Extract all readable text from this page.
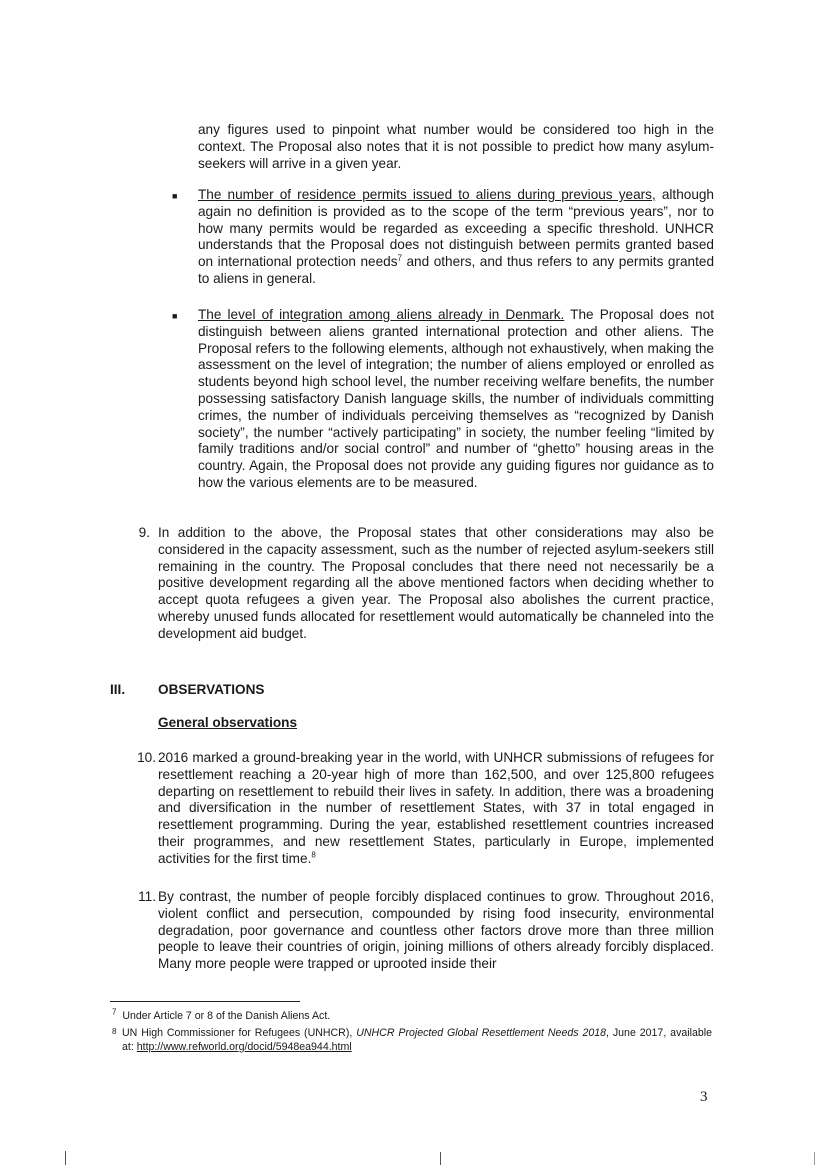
any figures used to pinpoint what number would be considered too high in the context. The Proposal also notes that it is not possible to predict how many asylum-seekers will arrive in a given year.

■ The number of residence permits issued to aliens during previous years, although again no definition is provided as to the scope of the term “previous years”, nor to how many permits would be regarded as exceeding a specific threshold. UNHCR understands that the Proposal does not distinguish between permits granted based on international protection needs$^7$ and others, and thus refers to any permits granted to aliens in general.

■ The level of integration among aliens already in Denmark. The Proposal does not distinguish between aliens granted international protection and other aliens. The Proposal refers to the following elements, although not exhaustively, when making the assessment on the level of integration; the number of aliens employed or enrolled as students beyond high school level, the number receiving welfare benefits, the number possessing satisfactory Danish language skills, the number of individuals committing crimes, the number of individuals perceiving themselves as “recognized by Danish society”, the number “actively participating” in society, the number feeling “limited by family traditions and/or social control” and number of “ghetto” housing areas in the country. Again, the Proposal does not provide any guiding figures nor guidance as to how the various elements are to be measured.

9. In addition to the above, the Proposal states that other considerations may also be considered in the capacity assessment, such as the number of rejected asylum-seekers still remaining in the country. The Proposal concludes that there need not necessarily be a positive development regarding all the above mentioned factors when deciding whether to accept quota refugees a given year. The Proposal also abolishes the current practice, whereby unused funds allocated for resettlement would automatically be channeled into the development aid budget.

III. OBSERVATIONS
General observations
10. 2016 marked a ground-breaking year in the world, with UNHCR submissions of refugees for resettlement reaching a 20-year high of more than 162,500, and over 125,800 refugees departing on resettlement to rebuild their lives in safety. In addition, there was a broadening and diversification in the number of resettlement States, with 37 in total engaged in resettlement programming. During the year, established resettlement countries increased their programmes, and new resettlement States, particularly in Europe, implemented activities for the first time.$^8$

11. By contrast, the number of people forcibly displaced continues to grow. Throughout 2016, violent conflict and persecution, compounded by rising food insecurity, environmental degradation, poor governance and countless other factors drove more than three million people to leave their countries of origin, joining millions of others already forcibly displaced. Many more people were trapped or uprooted inside their

$^7$ Under Article 7 or 8 of the Danish Aliens Act.

8 UN High Commissioner for Refugees (UNHCR), UNHCR Projected Global Resettlement Needs 2018, June 2017, available at: http://www.refworld.org/docid/5948ea944.html

3
